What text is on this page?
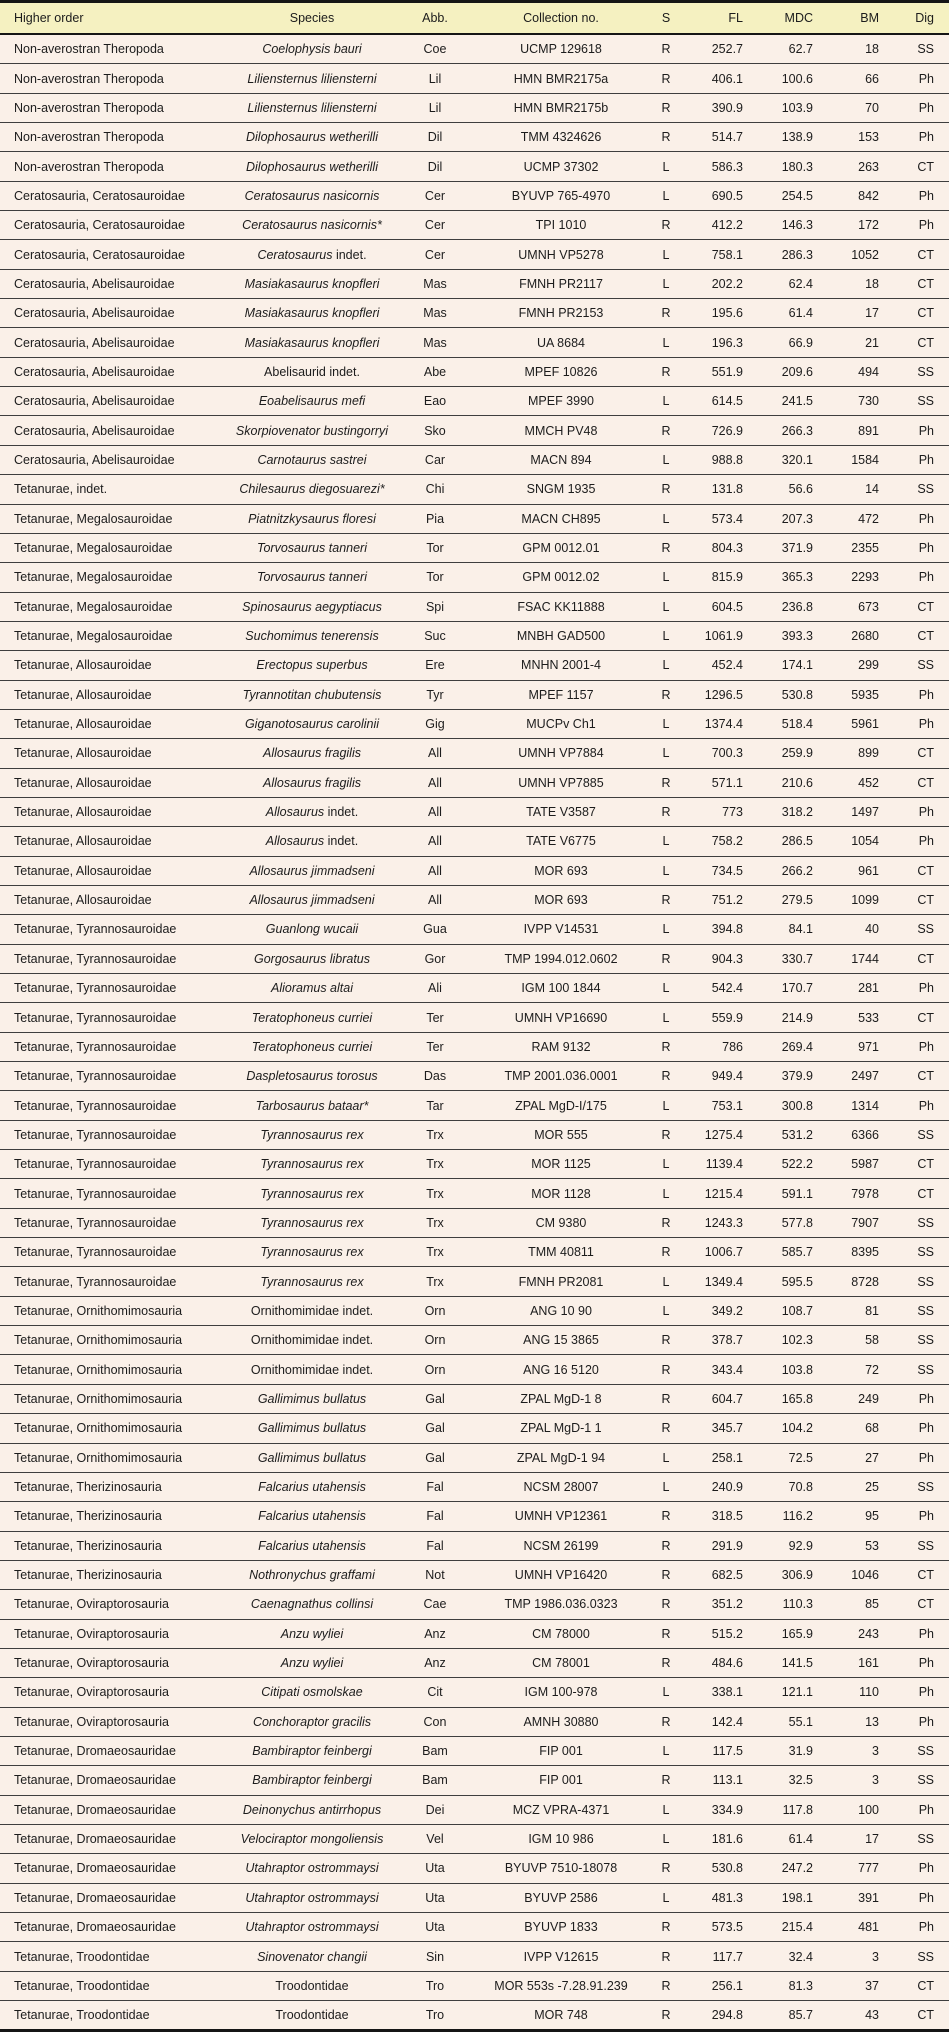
Higher order	Species	Abb.	Collection no.	S	FL	MDC	BM	Dig
Non-averostran Theropoda	Coelophysis bauri	Coe	UCMP 129618	R	252.7	62.7	18	SS
Non-averostran Theropoda	Liliensternus liliensterni	Lil	HMN BMR2175a	R	406.1	100.6	66	Ph
Non-averostran Theropoda	Liliensternus liliensterni	Lil	HMN BMR2175b	R	390.9	103.9	70	Ph
Non-averostran Theropoda	Dilophosaurus wetherilli	Dil	TMM 4324626	R	514.7	138.9	153	Ph
Non-averostran Theropoda	Dilophosaurus wetherilli	Dil	UCMP 37302	L	586.3	180.3	263	CT
Ceratosauria, Ceratosauroidae	Ceratosaurus nasicornis	Cer	BYUVP 765-4970	L	690.5	254.5	842	Ph
Ceratosauria, Ceratosauroidae	Ceratosaurus nasicornis*	Cer	TPI 1010	R	412.2	146.3	172	Ph
Ceratosauria, Ceratosauroidae	Ceratosaurus indet.	Cer	UMNH VP5278	L	758.1	286.3	1052	CT
Ceratosauria, Abelisauroidae	Masiakasaurus knopfleri	Mas	FMNH PR2117	L	202.2	62.4	18	CT
Ceratosauria, Abelisauroidae	Masiakasaurus knopfleri	Mas	FMNH PR2153	R	195.6	61.4	17	CT
Ceratosauria, Abelisauroidae	Masiakasaurus knopfleri	Mas	UA 8684	L	196.3	66.9	21	CT
Ceratosauria, Abelisauroidae	Abelisaurid indet.	Abe	MPEF 10826	R	551.9	209.6	494	SS
Ceratosauria, Abelisauroidae	Eoabelisaurus mefi	Eao	MPEF 3990	L	614.5	241.5	730	SS
Ceratosauria, Abelisauroidae	Skorpiovenator bustingorryi	Sko	MMCH PV48	R	726.9	266.3	891	Ph
Ceratosauria, Abelisauroidae	Carnotaurus sastrei	Car	MACN 894	L	988.8	320.1	1584	Ph
Tetanurae, indet.	Chilesaurus diegosuarezi*	Chi	SNGM 1935	R	131.8	56.6	14	SS
Tetanurae, Megalosauroidae	Piatnitzkysaurus floresi	Pia	MACN CH895	L	573.4	207.3	472	Ph
Tetanurae, Megalosauroidae	Torvosaurus tanneri	Tor	GPM 0012.01	R	804.3	371.9	2355	Ph
Tetanurae, Megalosauroidae	Torvosaurus tanneri	Tor	GPM 0012.02	L	815.9	365.3	2293	Ph
Tetanurae, Megalosauroidae	Spinosaurus aegyptiacus	Spi	FSAC KK11888	L	604.5	236.8	673	CT
Tetanurae, Megalosauroidae	Suchomimus tenerensis	Suc	MNBH GAD500	L	1061.9	393.3	2680	CT
Tetanurae, Allosauroidae	Erectopus superbus	Ere	MNHN 2001-4	L	452.4	174.1	299	SS
Tetanurae, Allosauroidae	Tyrannotitan chubutensis	Tyr	MPEF 1157	R	1296.5	530.8	5935	Ph
Tetanurae, Allosauroidae	Giganotosaurus carolinii	Gig	MUCPv Ch1	L	1374.4	518.4	5961	Ph
Tetanurae, Allosauroidae	Allosaurus fragilis	All	UMNH VP7884	L	700.3	259.9	899	CT
Tetanurae, Allosauroidae	Allosaurus fragilis	All	UMNH VP7885	R	571.1	210.6	452	CT
Tetanurae, Allosauroidae	Allosaurus indet.	All	TATE V3587	R	773	318.2	1497	Ph
Tetanurae, Allosauroidae	Allosaurus indet.	All	TATE V6775	L	758.2	286.5	1054	Ph
Tetanurae, Allosauroidae	Allosaurus jimmadseni	All	MOR 693	L	734.5	266.2	961	CT
Tetanurae, Allosauroidae	Allosaurus jimmadseni	All	MOR 693	R	751.2	279.5	1099	CT
Tetanurae, Tyrannosauroidae	Guanlong wucaii	Gua	IVPP V14531	L	394.8	84.1	40	SS
Tetanurae, Tyrannosauroidae	Gorgosaurus libratus	Gor	TMP 1994.012.0602	R	904.3	330.7	1744	CT
Tetanurae, Tyrannosauroidae	Alioramus altai	Ali	IGM 100 1844	L	542.4	170.7	281	Ph
Tetanurae, Tyrannosauroidae	Teratophoneus curriei	Ter	UMNH VP16690	L	559.9	214.9	533	CT
Tetanurae, Tyrannosauroidae	Teratophoneus curriei	Ter	RAM 9132	R	786	269.4	971	Ph
Tetanurae, Tyrannosauroidae	Daspletosaurus torosus	Das	TMP 2001.036.0001	R	949.4	379.9	2497	CT
Tetanurae, Tyrannosauroidae	Tarbosaurus bataar*	Tar	ZPAL MgD-I/175	L	753.1	300.8	1314	Ph
Tetanurae, Tyrannosauroidae	Tyrannosaurus rex	Trx	MOR 555	R	1275.4	531.2	6366	SS
Tetanurae, Tyrannosauroidae	Tyrannosaurus rex	Trx	MOR 1125	L	1139.4	522.2	5987	CT
Tetanurae, Tyrannosauroidae	Tyrannosaurus rex	Trx	MOR 1128	L	1215.4	591.1	7978	CT
Tetanurae, Tyrannosauroidae	Tyrannosaurus rex	Trx	CM 9380	R	1243.3	577.8	7907	SS
Tetanurae, Tyrannosauroidae	Tyrannosaurus rex	Trx	TMM 40811	R	1006.7	585.7	8395	SS
Tetanurae, Tyrannosauroidae	Tyrannosaurus rex	Trx	FMNH PR2081	L	1349.4	595.5	8728	SS
Tetanurae, Ornithomimosauria	Ornithomimidae indet.	Orn	ANG 10 90	L	349.2	108.7	81	SS
Tetanurae, Ornithomimosauria	Ornithomimidae indet.	Orn	ANG 15 3865	R	378.7	102.3	58	SS
Tetanurae, Ornithomimosauria	Ornithomimidae indet.	Orn	ANG 16 5120	R	343.4	103.8	72	SS
Tetanurae, Ornithomimosauria	Gallimimus bullatus	Gal	ZPAL MgD-1 8	R	604.7	165.8	249	Ph
Tetanurae, Ornithomimosauria	Gallimimus bullatus	Gal	ZPAL MgD-1 1	R	345.7	104.2	68	Ph
Tetanurae, Ornithomimosauria	Gallimimus bullatus	Gal	ZPAL MgD-1 94	L	258.1	72.5	27	Ph
Tetanurae, Therizinosauria	Falcarius utahensis	Fal	NCSM 28007	L	240.9	70.8	25	SS
Tetanurae, Therizinosauria	Falcarius utahensis	Fal	UMNH VP12361	R	318.5	116.2	95	Ph
Tetanurae, Therizinosauria	Falcarius utahensis	Fal	NCSM 26199	R	291.9	92.9	53	SS
Tetanurae, Therizinosauria	Nothronychus graffami	Not	UMNH VP16420	R	682.5	306.9	1046	CT
Tetanurae, Oviraptorosauria	Caenagnathus collinsi	Cae	TMP 1986.036.0323	R	351.2	110.3	85	CT
Tetanurae, Oviraptorosauria	Anzu wyliei	Anz	CM 78000	R	515.2	165.9	243	Ph
Tetanurae, Oviraptorosauria	Anzu wyliei	Anz	CM 78001	R	484.6	141.5	161	Ph
Tetanurae, Oviraptorosauria	Citipati osmolskae	Cit	IGM 100-978	L	338.1	121.1	110	Ph
Tetanurae, Oviraptorosauria	Conchoraptor gracilis	Con	AMNH 30880	R	142.4	55.1	13	Ph
Tetanurae, Dromaeosauridae	Bambiraptor feinbergi	Bam	FIP 001	L	117.5	31.9	3	SS
Tetanurae, Dromaeosauridae	Bambiraptor feinbergi	Bam	FIP 001	R	113.1	32.5	3	SS
Tetanurae, Dromaeosauridae	Deinonychus antirrhopus	Dei	MCZ VPRA-4371	L	334.9	117.8	100	Ph
Tetanurae, Dromaeosauridae	Velociraptor mongoliensis	Vel	IGM 10 986	L	181.6	61.4	17	SS
Tetanurae, Dromaeosauridae	Utahraptor ostrommaysi	Uta	BYUVP 7510-18078	R	530.8	247.2	777	Ph
Tetanurae, Dromaeosauridae	Utahraptor ostrommaysi	Uta	BYUVP 2586	L	481.3	198.1	391	Ph
Tetanurae, Dromaeosauridae	Utahraptor ostrommaysi	Uta	BYUVP 1833	R	573.5	215.4	481	Ph
Tetanurae, Troodontidae	Sinovenator changii	Sin	IVPP V12615	R	117.7	32.4	3	SS
Tetanurae, Troodontidae	Troodontidae	Tro	MOR 553s -7.28.91.239	R	256.1	81.3	37	CT
Tetanurae, Troodontidae	Troodontidae	Tro	MOR 748	R	294.8	85.7	43	CT
